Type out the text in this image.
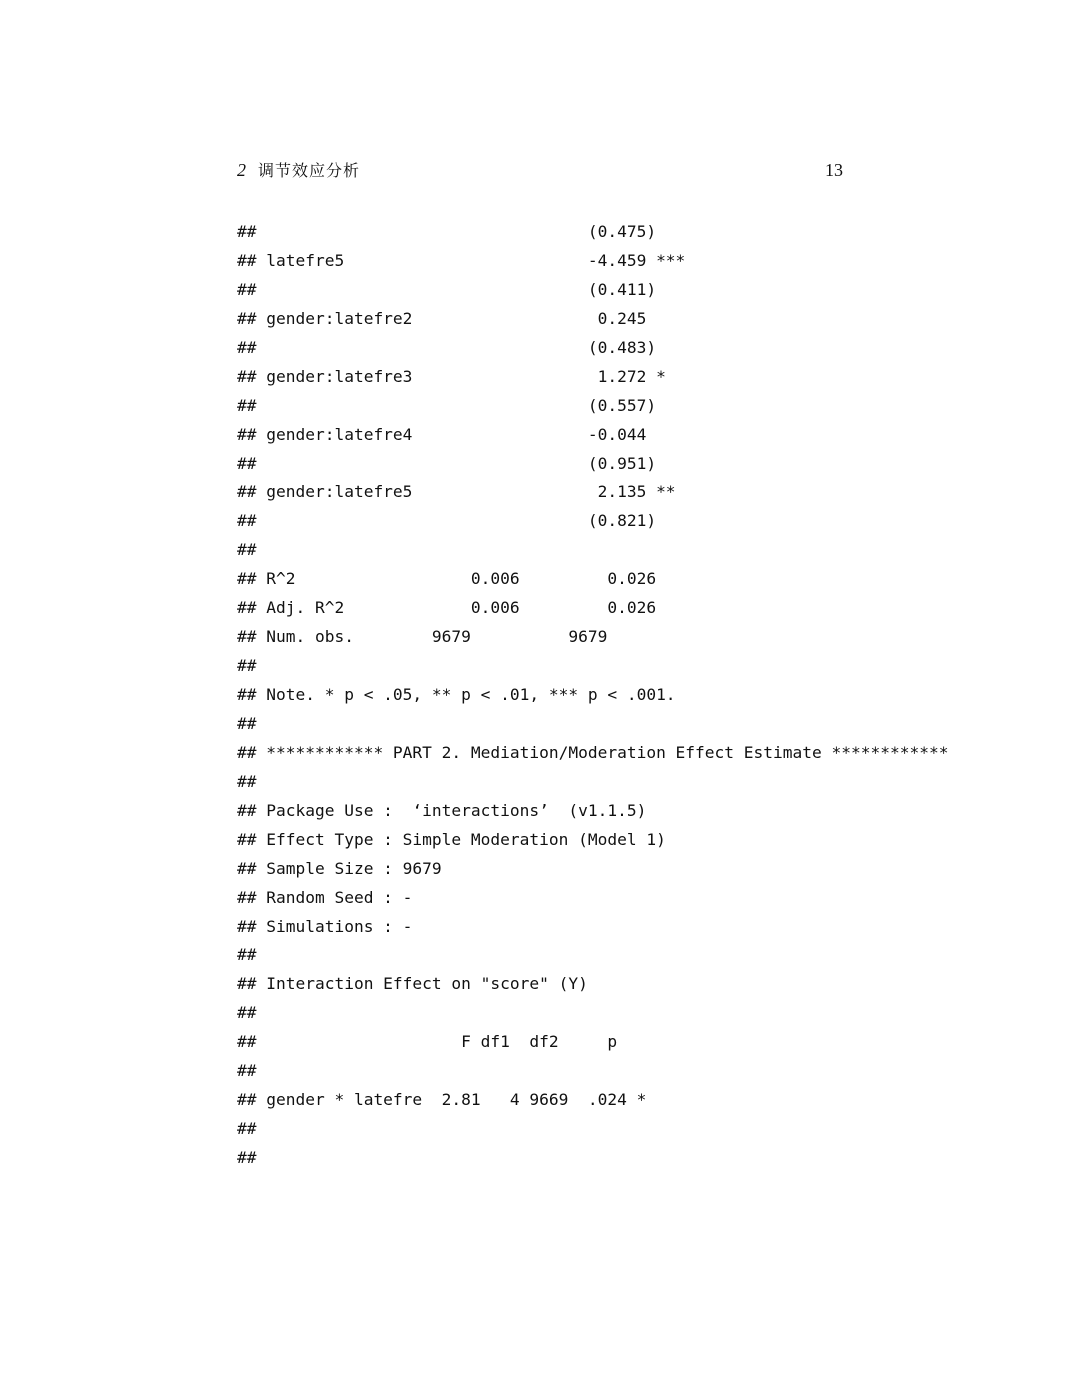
2 调节效应分析	13
##                                  (0.475)
## latefre5                         -4.459 ***
##                                  (0.411)
## gender:latefre2                   0.245
##                                  (0.483)
## gender:latefre3                   1.272 *
##                                  (0.557)
## gender:latefre4                  -0.044
##                                  (0.951)
## gender:latefre5                   2.135 **
##                                  (0.821)
##
## R^2                  0.006         0.026
## Adj. R^2             0.006         0.026
## Num. obs.        9679          9679
##
## Note. * p < .05, ** p < .01, *** p < .001.
##
## ************ PART 2. Mediation/Moderation Effect Estimate ************
##
## Package Use :  ‘interactions’  (v1.1.5)
## Effect Type : Simple Moderation (Model 1)
## Sample Size : 9679
## Random Seed : -
## Simulations : -
##
## Interaction Effect on "score" (Y)
##
##                     F df1  df2     p
##
## gender * latefre  2.81   4 9669  .024 *
##
##
